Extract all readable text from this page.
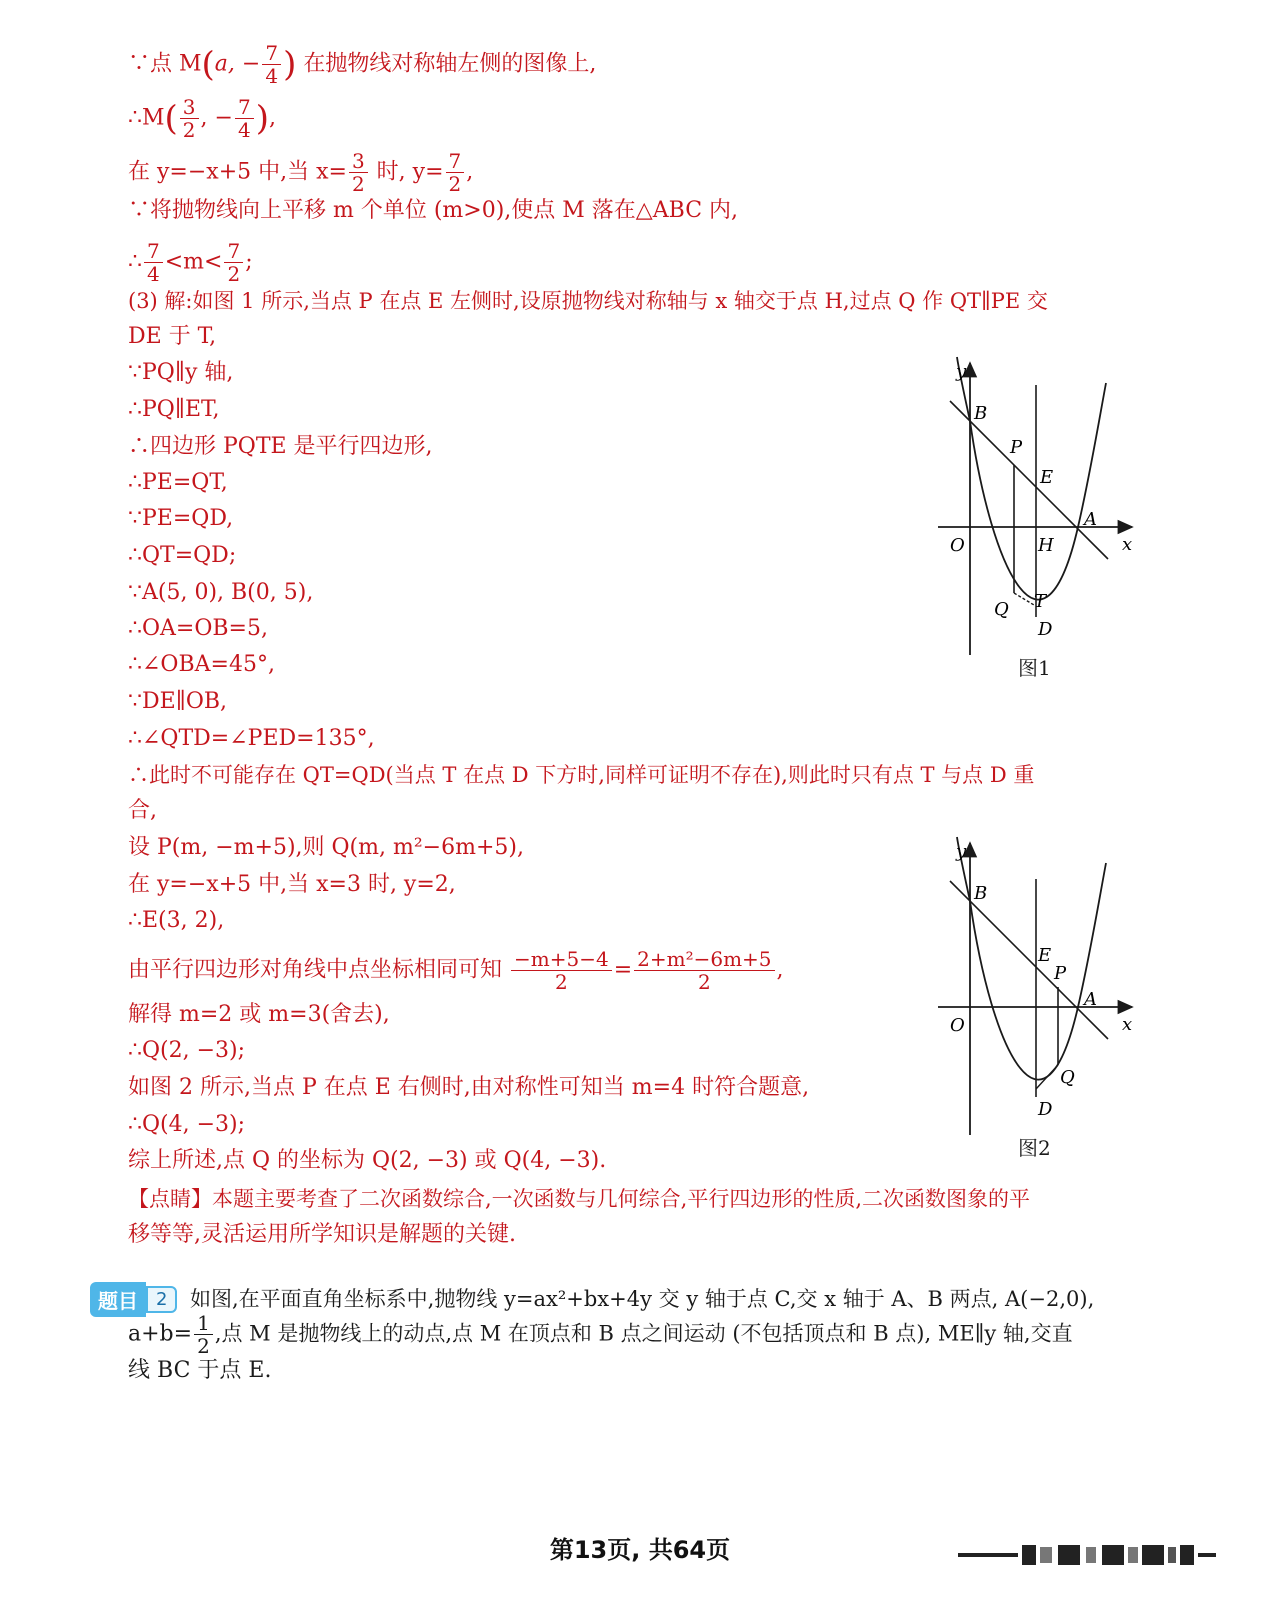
∵点 M(a, − $\frac{7}{4}$ ) 在抛物线对称轴左侧的图像上,
∴M( $\frac{3}{2}$ , − $\frac{7}{4}$ ),
在 y=−x+5 中,当 $x= \frac{3}{2}$ 时, $y= \frac{7}{2}$ ,
∵将抛物线向上平移 m 个单位 (m>0),使点 M 落在△ABC 内,
∴ $\frac{7}{4} <m< \frac{7}{2}$ ;
(3) 解:如图 1 所示,当点 P 在点 E 左侧时,设原抛物线对称轴与 x 轴交于点 H,过点 Q 作 QT∥PE 交
DE 于 T,
∵PQ∥y 轴,
∴PQ∥ET,
∴四边形 PQTE 是平行四边形,
∴PE=QT,
∵PE=QD,
∴QT=QD;
∵A(5, 0), B(0, 5),
∴OA=OB=5,
∴∠OBA=45°,
∵DE∥OB,
∴∠QTD=∠PED=135°,
∴此时不可能存在 QT=QD(当点 T 在点 D 下方时,同样可证明不存在),则此时只有点 T 与点 D 重
合,
设 P(m, −m+5),则 Q(m, m²−6m+5),
在 y=−x+5 中,当 x=3 时, y=2,
∴E(3, 2),
由平行四边形对角线中点坐标相同可知 $\frac{-m+5-4}{2} = \frac{\text{2+m²−6m+5}}{2}$ ,
解得 m=2 或 m=3(舍去),
∴Q(2, −3);
如图 2 所示,当点 P 在点 E 右侧时,由对称性可知当 m=4 时符合题意,
∴Q(4, −3);
综上所述,点 Q 的坐标为 Q(2, −3) 或 Q(4, −3).
【点睛】本题主要考查了二次函数综合,一次函数与几何综合,平行四边形的性质,二次函数图象的平
移等等,灵活运用所学知识是解题的关键.
题目	2	如图,在平面直角坐标系中,抛物线 y=ax²+bx+4y 交 y 轴于点 C,交 x 轴于 A、B 两点, A(−2,0),
$a+b= \frac{1}{2}$ ,点 M 是抛物线上的动点,点 M 在顶点和 B 点之间运动 (不包括顶点和 B 点), ME∥y 轴,交直
线 BC 于点 E.
y
x
O
B
P
E
A
H
Q T
D
图1
y
x
O
B
E
P
A
Q
D
图2
第13页, 共64页
